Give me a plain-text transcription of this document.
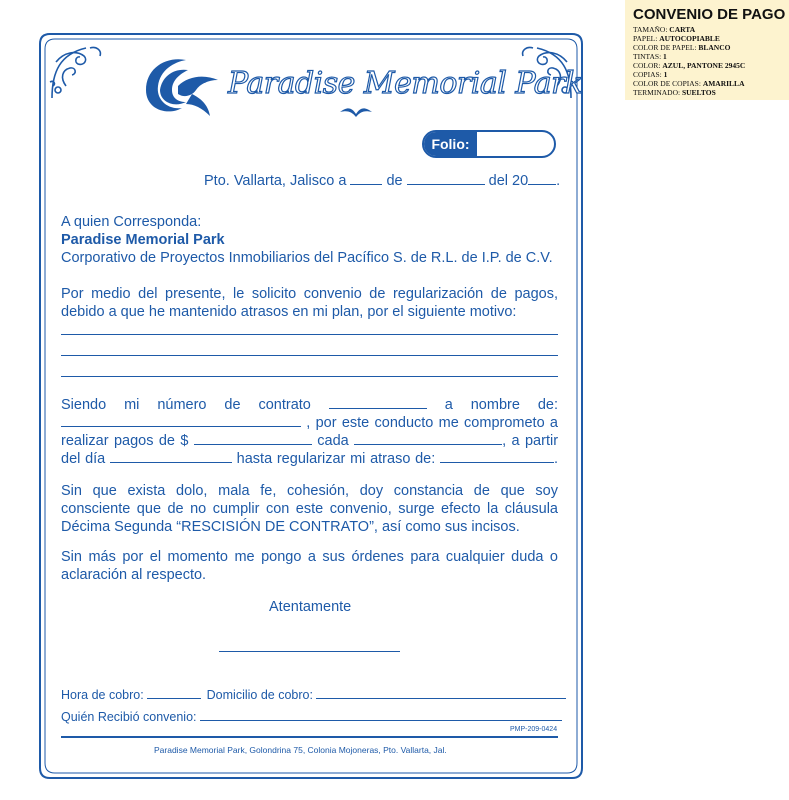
Paradise Memorial Park
Folio:
Pto. Vallarta, Jalisco a	de	del 20 .
A quien Corresponda:
Paradise Memorial Park
Corporativo de Proyectos Inmobiliarios del Pacífico S. de R.L. de I.P. de C.V.
Por medio del presente, le solicito convenio de regularización de pagos, debido a que he mantenido atrasos en mi plan, por el siguiente motivo:
Siendo mi número de contrato	a nombre de:
, por este conducto me comprometo a
realizar pagos de $	cada	, a partir
del día	hasta regularizar mi atraso de:	.
Sin que exista dolo, mala fe, cohesión, doy constancia de que soy consciente que de no cumplir con este convenio, surge efecto la cláusula Décima Segunda “RESCISIÓN DE CONTRATO”, así como sus incisos.
Sin más por el momento me pongo a sus órdenes para cualquier duda o aclaración al respecto.
Atentamente
Hora de cobro:	Domicilio de cobro:
Quién Recibió convenio:
PMP-209-0424
Paradise Memorial Park, Golondrina 75, Colonia Mojoneras, Pto. Vallarta, Jal.
CONVENIO DE PAGO
TAMAÑO: CARTA
PAPEL: AUTOCOPIABLE
COLOR DE PAPEL: BLANCO
TINTAS: 1
COLOR: AZUL, PANTONE 2945C
COPIAS: 1
COLOR DE COPIAS: AMARILLA
TERMINADO: SUELTOS
